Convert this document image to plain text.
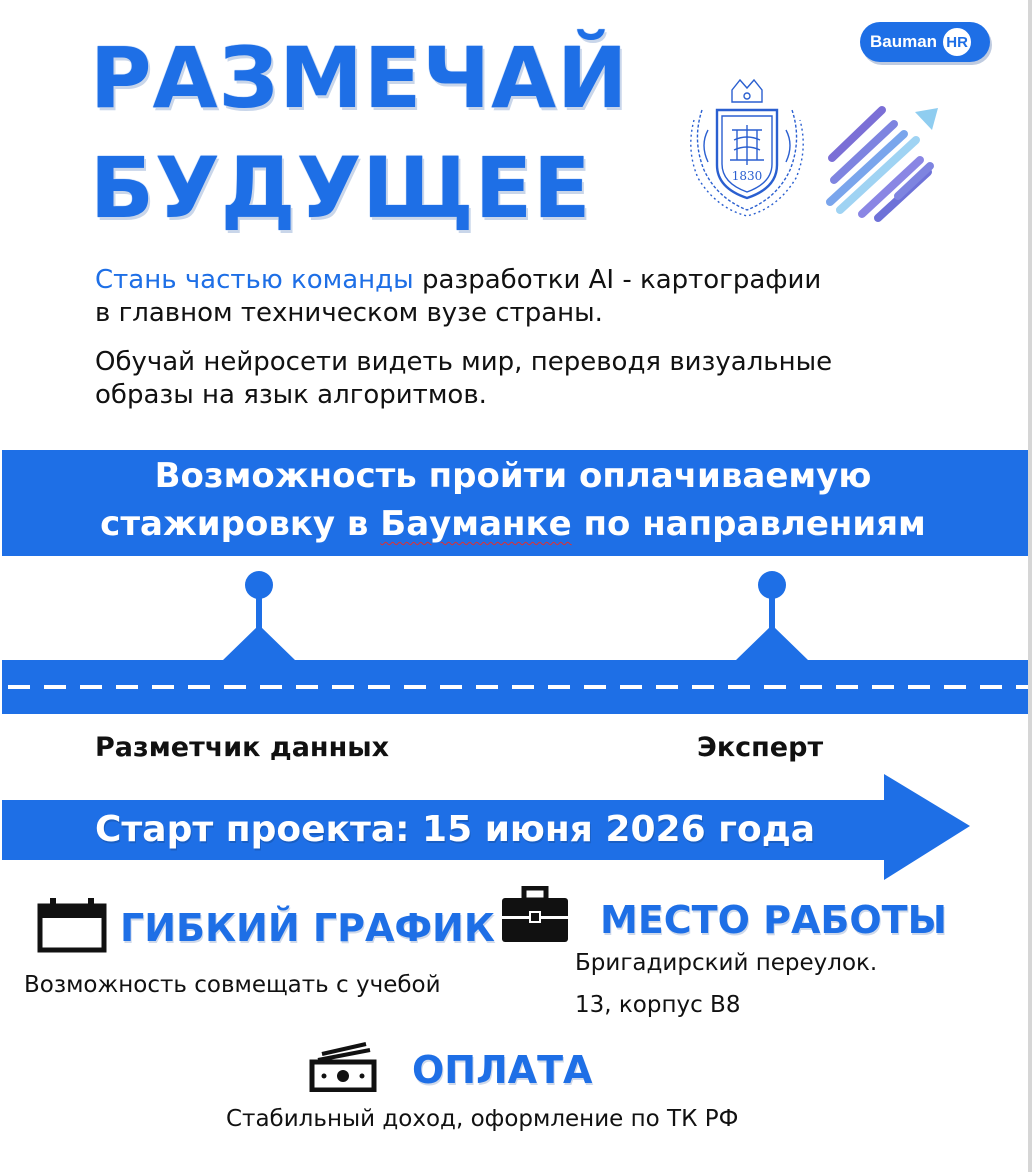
РАЗМЕЧАЙ
БУДУЩЕЕ
Bauman HR
1830
Стань частью команды разработки AI - картографии
в главном техническом вузе страны.
Обучай нейросети видеть мир, переводя визуальные
образы на язык алгоритмов.
Возможность пройти оплачиваемую
стажировку в Бауманке по направлениям
Разметчик данных	Эксперт
Старт проекта: 15 июня 2026 года
ГИБКИЙ ГРАФИК
Возможность совмещать с учебой
МЕСТО РАБОТЫ
Бригадирский переулок.
13, корпус В8
ОПЛАТА
Стабильный доход, оформление по ТК РФ
